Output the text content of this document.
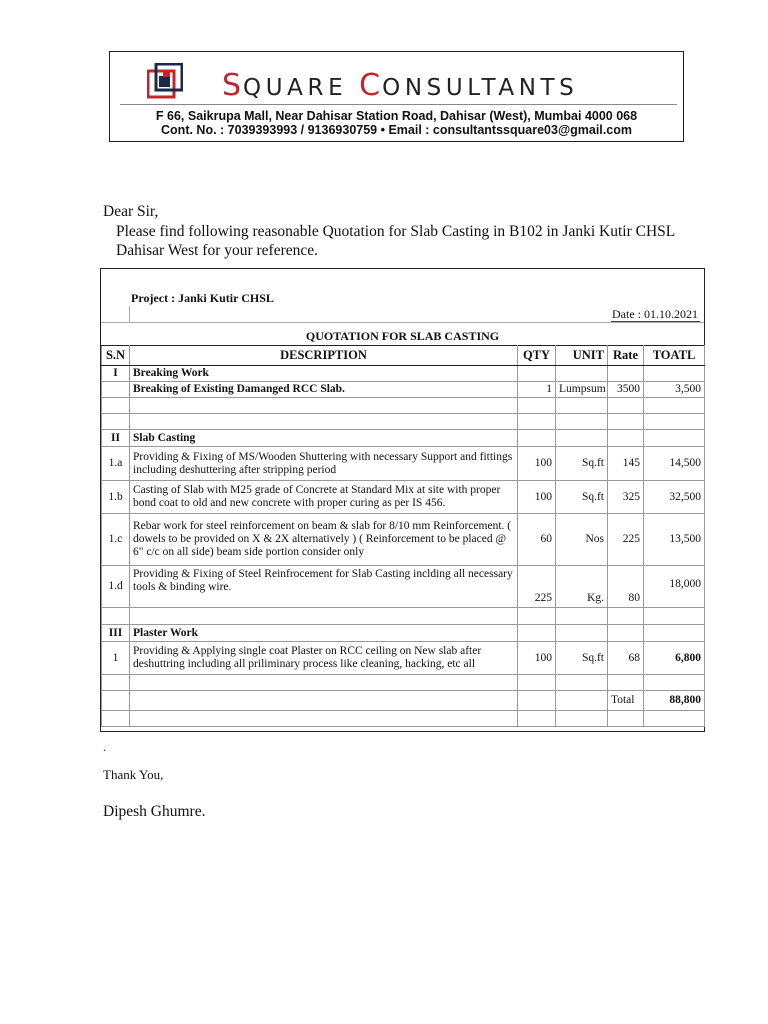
SQUARE CONSULTANTS
F 66, Saikrupa Mall, Near Dahisar Station Road, Dahisar (West), Mumbai 4000 068
Cont. No. : 7039393993 / 9136930759 • Email : consultantssquare03@gmail.com
Dear Sir,
Please find following reasonable Quotation for Slab Casting in B102 in Janki Kutir CHSL Dahisar West for your reference.
Project : Janki Kutir CHSL
Date : 01.10.2021
QUOTATION FOR SLAB CASTING
S.N	DESCRIPTION	QTY	UNIT	Rate	TOATL
I	Breaking Work				
	Breaking of Existing Damanged RCC Slab.	1	Lumpsum	3500	3,500

II	Slab Casting				
1.a	Providing & Fixing of MS/Wooden Shuttering with necessary Support and fittings including deshuttering after stripping period	100	Sq.ft	145	14,500
1.b	Casting of Slab with M25 grade of Concrete at Standard Mix at site with proper bond coat to old and new concrete with proper curing as per IS 456.	100	Sq.ft	325	32,500
1.c	Rebar work for steel reinforcement on beam & slab for 8/10 mm Reinforcement. ( dowels to be provided on X & 2X alternatively ) ( Reinforcement to be placed @ 6" c/c on all side) beam side portion consider only	60	Nos	225	13,500
1.d	Providing & Fixing of Steel Reinfrocement for Slab Casting inclding all necessary tools & binding wire.	225	Kg.	80	18,000

III	Plaster Work				
1	Providing & Applying single coat Plaster on RCC ceiling on New slab after deshuttring including all priliminary process like cleaning, hacking, etc all	100	Sq.ft	68	6,800

				Total	88,800

.
Thank You,
Dipesh Ghumre.
